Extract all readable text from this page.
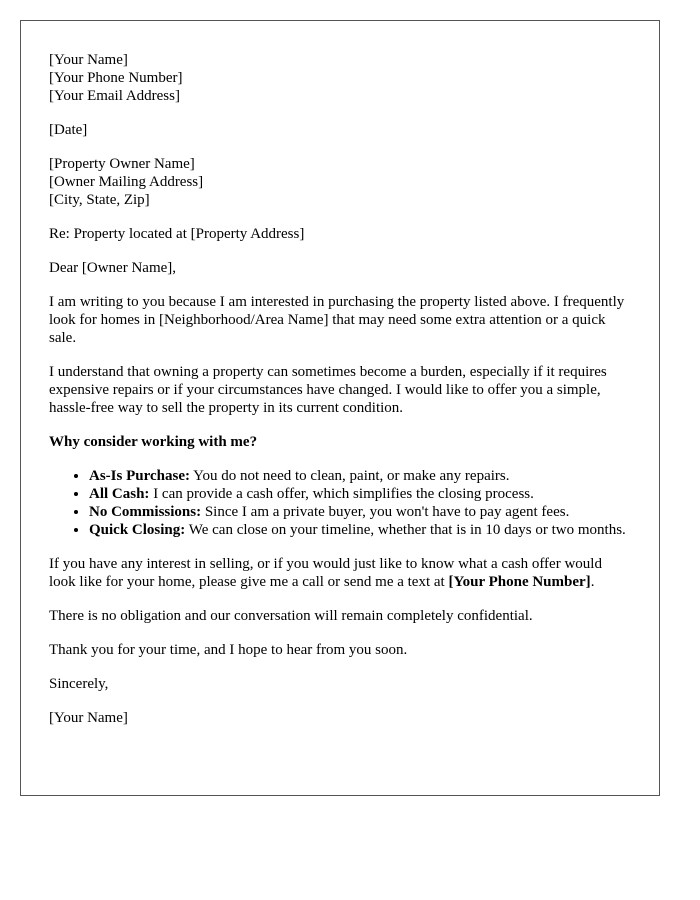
[Your Name]
[Your Phone Number]
[Your Email Address]
[Date]
[Property Owner Name]
[Owner Mailing Address]
[City, State, Zip]

Re: Property located at [Property Address]

Dear [Owner Name],

I am writing to you because I am interested in purchasing the property listed above. I frequently look for homes in [Neighborhood/Area Name] that may need some extra attention or a quick sale.

I understand that owning a property can sometimes become a burden, especially if it requires expensive repairs or if your circumstances have changed. I would like to offer you a simple, hassle-free way to sell the property in its current condition.

Why consider working with me?

• As-Is Purchase: You do not need to clean, paint, or make any repairs.
• All Cash: I can provide a cash offer, which simplifies the closing process.
• No Commissions: Since I am a private buyer, you won't have to pay agent fees.
• Quick Closing: We can close on your timeline, whether that is in 10 days or two months.

If you have any interest in selling, or if you would just like to know what a cash offer would look like for your home, please give me a call or send me a text at [Your Phone Number].

There is no obligation and our conversation will remain completely confidential.

Thank you for your time, and I hope to hear from you soon.

Sincerely,

[Your Name]
